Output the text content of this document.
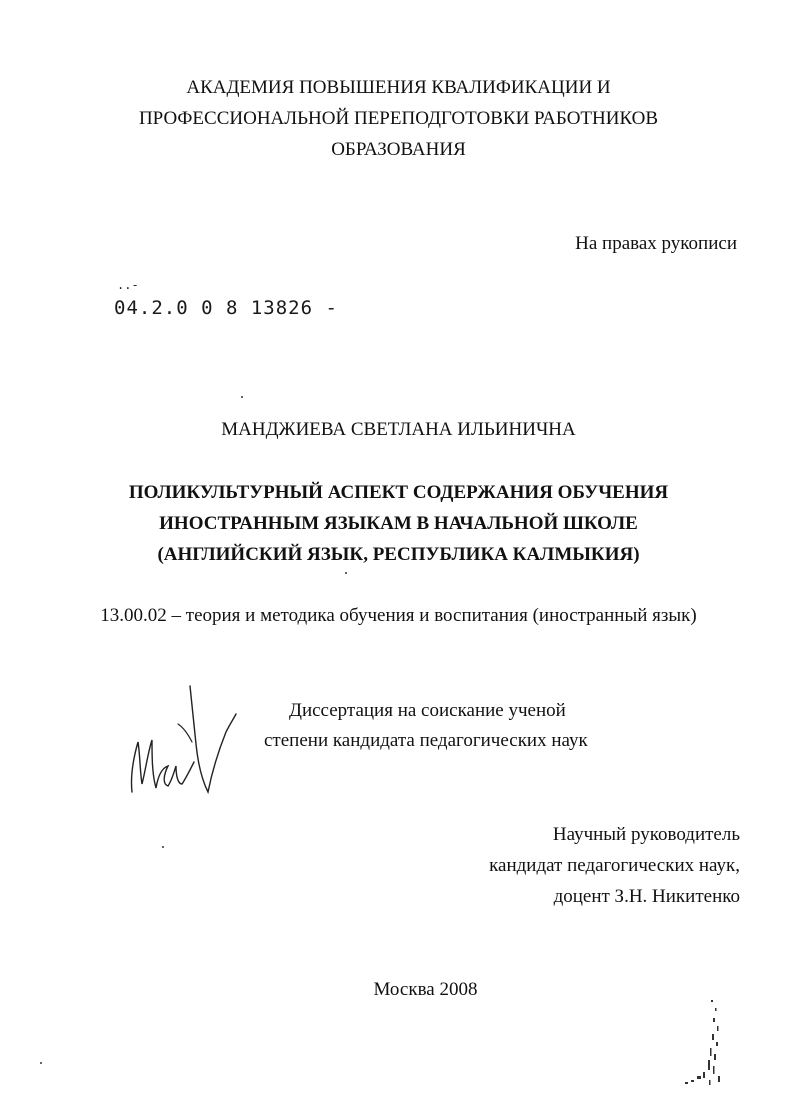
АКАДЕМИЯ ПОВЫШЕНИЯ КВАЛИФИКАЦИИ И
ПРОФЕССИОНАЛЬНОЙ ПЕРЕПОДГОТОВКИ РАБОТНИКОВ
ОБРАЗОВАНИЯ
На правах рукописи
..-
04.2.0 0 8 13826 -
МАНДЖИЕВА СВЕТЛАНА ИЛЬИНИЧНА
ПОЛИКУЛЬТУРНЫЙ АСПЕКТ СОДЕРЖАНИЯ ОБУЧЕНИЯ
ИНОСТРАННЫМ ЯЗЫКАМ В НАЧАЛЬНОЙ ШКОЛЕ
(АНГЛИЙСКИЙ ЯЗЫК, РЕСПУБЛИКА КАЛМЫКИЯ)
13.00.02 – теория и методика обучения и воспитания (иностранный язык)
Диссертация на соискание ученой
степени кандидата педагогических наук
Научный руководитель
кандидат педагогических наук,
доцент З.Н. Никитенко
Москва 2008
